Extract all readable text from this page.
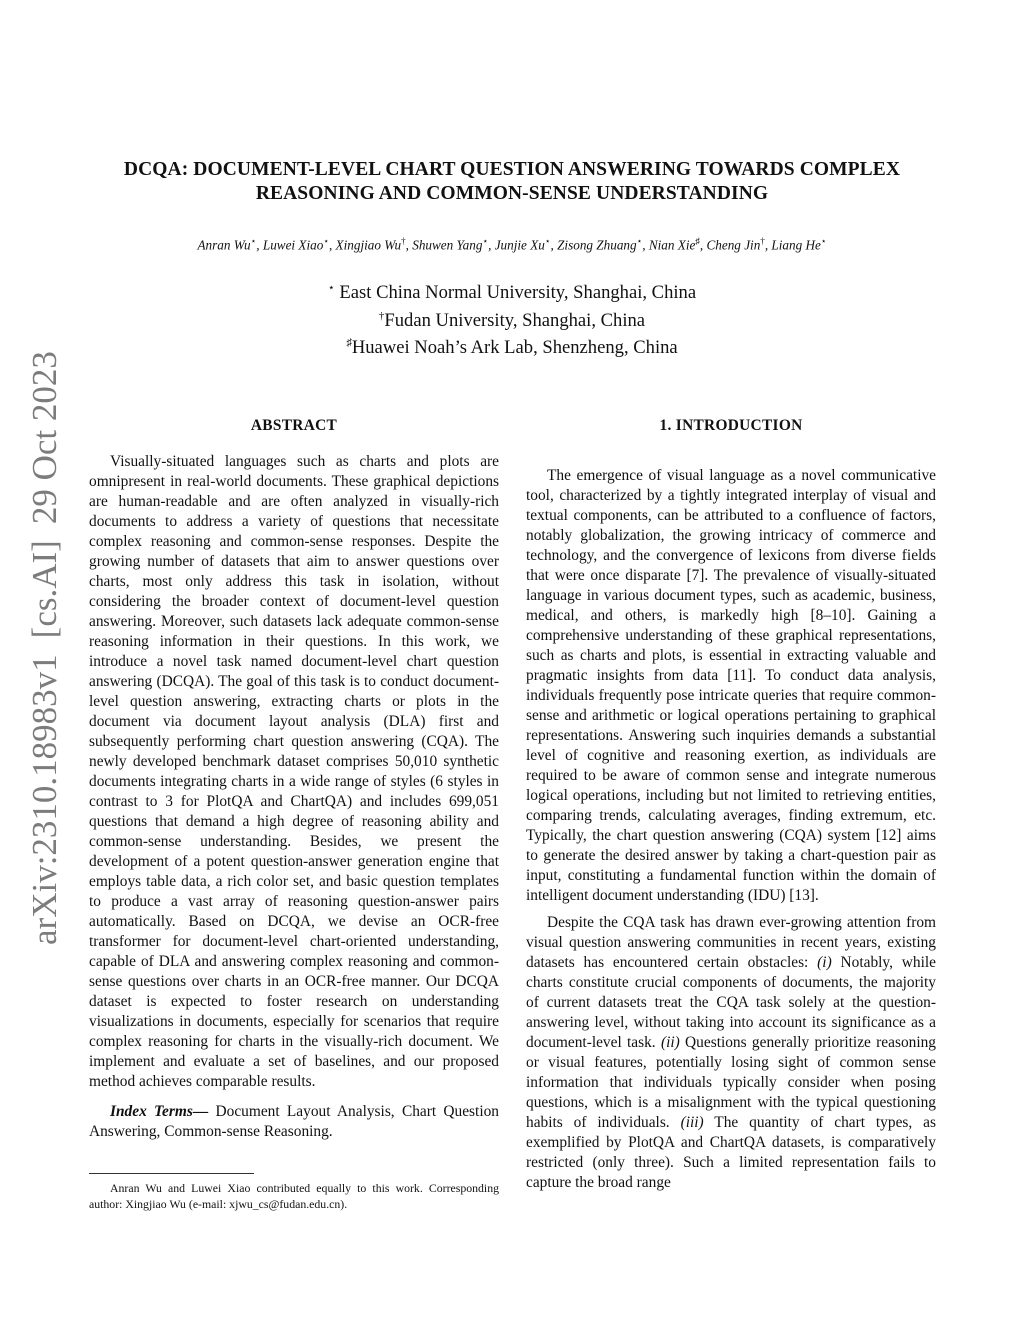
DCQA: DOCUMENT-LEVEL CHART QUESTION ANSWERING TOWARDS COMPLEX
REASONING AND COMMON-SENSE UNDERSTANDING
Anran Wu⋆, Luwei Xiao⋆, Xingjiao Wu†, Shuwen Yang⋆, Junjie Xu⋆, Zisong Zhuang⋆, Nian Xie♯, Cheng Jin†, Liang He⋆
⋆ East China Normal University, Shanghai, China
†Fudan University, Shanghai, China
♯Huawei Noah’s Ark Lab, Shenzheng, China
arXiv:2310.18983v1[cs.AI]29 Oct 2023	ABSTRACT

Visually-situated languages such as charts and plots are omnipresent in real-world documents. These graphical depictions are human-readable and are often analyzed in visually-rich documents to address a variety of questions that necessitate complex reasoning and common-sense responses. Despite the growing number of datasets that aim to answer questions over charts, most only address this task in isolation, without considering the broader context of document-level question answering. Moreover, such datasets lack adequate common-sense reasoning information in their questions. In this work, we introduce a novel task named document-level chart question answering (DCQA). The goal of this task is to conduct document-level question answering, extracting charts or plots in the document via document layout analysis (DLA) first and subsequently performing chart question answering (CQA). The newly developed benchmark dataset comprises 50,010 synthetic documents integrating charts in a wide range of styles (6 styles in contrast to 3 for PlotQA and ChartQA) and includes 699,051 questions that demand a high degree of reasoning ability and common-sense understanding. Besides, we present the development of a potent question-answer generation engine that employs table data, a rich color set, and basic question templates to produce a vast array of reasoning question-answer pairs automatically. Based on DCQA, we devise an OCR-free transformer for document-level chart-oriented understanding, capable of DLA and answering complex reasoning and common-sense questions over charts in an OCR-free manner. Our DCQA dataset is expected to foster research on understanding visualizations in documents, especially for scenarios that require complex reasoning for charts in the visually-rich document. We implement and evaluate a set of baselines, and our proposed method achieves comparable results.

Index Terms— Document Layout Analysis, Chart Question Answering, Common-sense Reasoning.

Anran Wu and Luwei Xiao contributed equally to this work. Corresponding author: Xingjiao Wu (e-mail: xjwu_cs@fudan.edu.cn).

1. INTRODUCTION

The emergence of visual language as a novel communicative tool, characterized by a tightly integrated interplay of visual and textual components, can be attributed to a confluence of factors, notably globalization, the growing intricacy of commerce and technology, and the convergence of lexicons from diverse fields that were once disparate [7]. The prevalence of visually-situated language in various document types, such as academic, business, medical, and others, is markedly high [8–10]. Gaining a comprehensive understanding of these graphical representations, such as charts and plots, is essential in extracting valuable and pragmatic insights from data [11]. To conduct data analysis, individuals frequently pose intricate queries that require common-sense and arithmetic or logical operations pertaining to graphical representations. Answering such inquiries demands a substantial level of cognitive and reasoning exertion, as individuals are required to be aware of common sense and integrate numerous logical operations, including but not limited to retrieving entities, comparing trends, calculating averages, finding extremum, etc. Typically, the chart question answering (CQA) system [12] aims to generate the desired answer by taking a chart-question pair as input, constituting a fundamental function within the domain of intelligent document understanding (IDU) [13].

Despite the CQA task has drawn ever-growing attention from visual question answering communities in recent years, existing datasets has encountered certain obstacles: (i) Notably, while charts constitute crucial components of documents, the majority of current datasets treat the CQA task solely at the question-answering level, without taking into account its significance as a document-level task. (ii) Questions generally prioritize reasoning or visual features, potentially losing sight of common sense information that individuals typically consider when posing questions, which is a misalignment with the typical questioning habits of individuals. (iii) The quantity of chart types, as exemplified by PlotQA and ChartQA datasets, is comparatively restricted (only three). Such a limited representation fails to capture the broad range
